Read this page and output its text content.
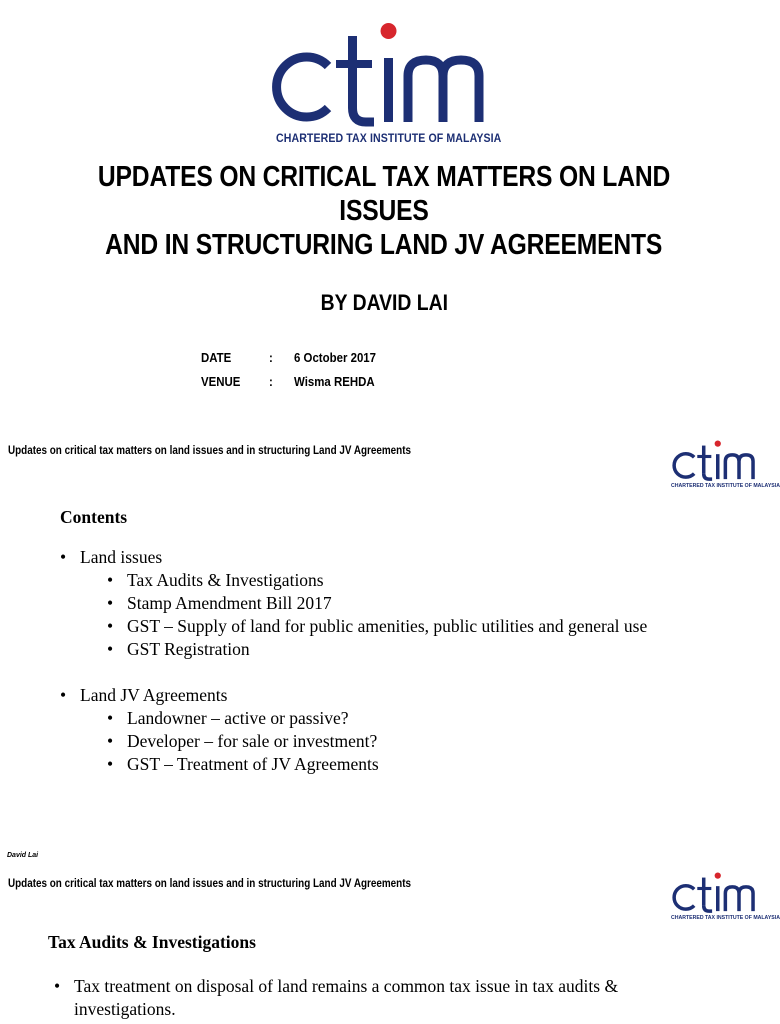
CHARTERED TAX INSTITUTE OF MALAYSIA
UPDATES ON CRITICAL TAX MATTERS ON LAND ISSUES
AND IN STRUCTURING LAND JV AGREEMENTS
BY DAVID LAI
DATE	: 6 October 2017
VENUE : Wisma REHDA
Updates on critical tax matters on land issues and in structuring Land JV Agreements
CHARTERED TAX INSTITUTE OF MALAYSIA
Contents
• Land issues
• Tax Audits & Investigations
• Stamp Amendment Bill 2017
• GST – Supply of land for public amenities, public utilities and general use
• GST Registration
• Land JV Agreements
• Landowner – active or passive?
• Developer – for sale or investment?
• GST – Treatment of JV Agreements
David Lai
Updates on critical tax matters on land issues and in structuring Land JV Agreements
CHARTERED TAX INSTITUTE OF MALAYSIA
Tax Audits & Investigations
• Tax treatment on disposal of land remains a common tax issue in tax audits & investigations.
